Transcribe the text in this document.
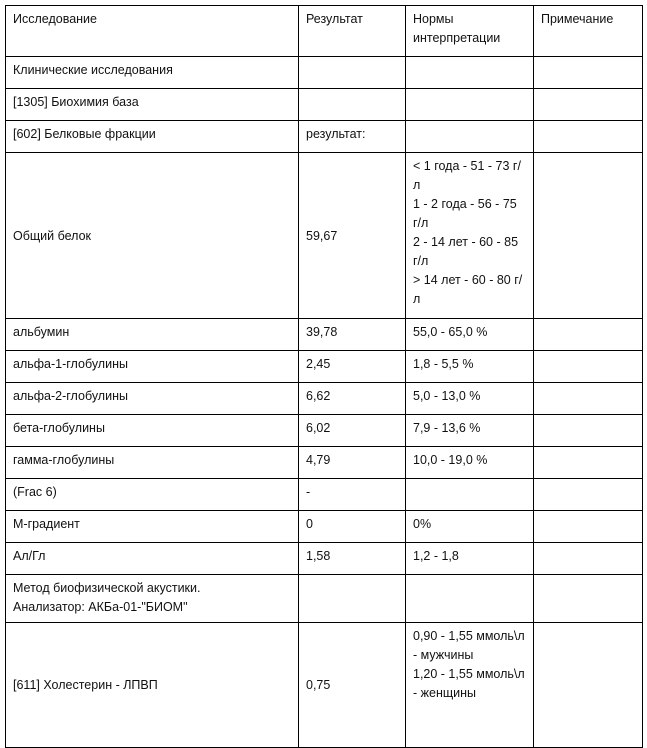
Исследование	Результат	Нормы интерпретации	Примечание
Клинические исследования			
[1305] Биохимия база			
[602] Белковые фракции	результат:		
Общий белок	59,67	< 1 года - 51 - 73 г/л
1 - 2 года - 56 - 75 г/л
2 - 14 лет - 60 - 85 г/л
> 14 лет - 60 - 80 г/л	

альбумин	39,78	55,0 - 65,0 %	
альфа-1-глобулины	2,45	1,8 - 5,5 %	
альфа-2-глобулины	6,62	5,0 - 13,0 %	
бета-глобулины	6,02	7,9 - 13,6 %	
гамма-глобулины	4,79	10,0 - 19,0 %	
(Frac 6)	-		
М-градиент	0	0%	
Ал/Гл	1,58	1,2 - 1,8	

Метод биофизической акустики.
Анализатор: АКБа-01-"БИОМ"			

[611] Холестерин - ЛПВП	0,75	0,90 - 1,55 ммоль\л - мужчины
1,20 - 1,55 ммоль\л - женщины	
